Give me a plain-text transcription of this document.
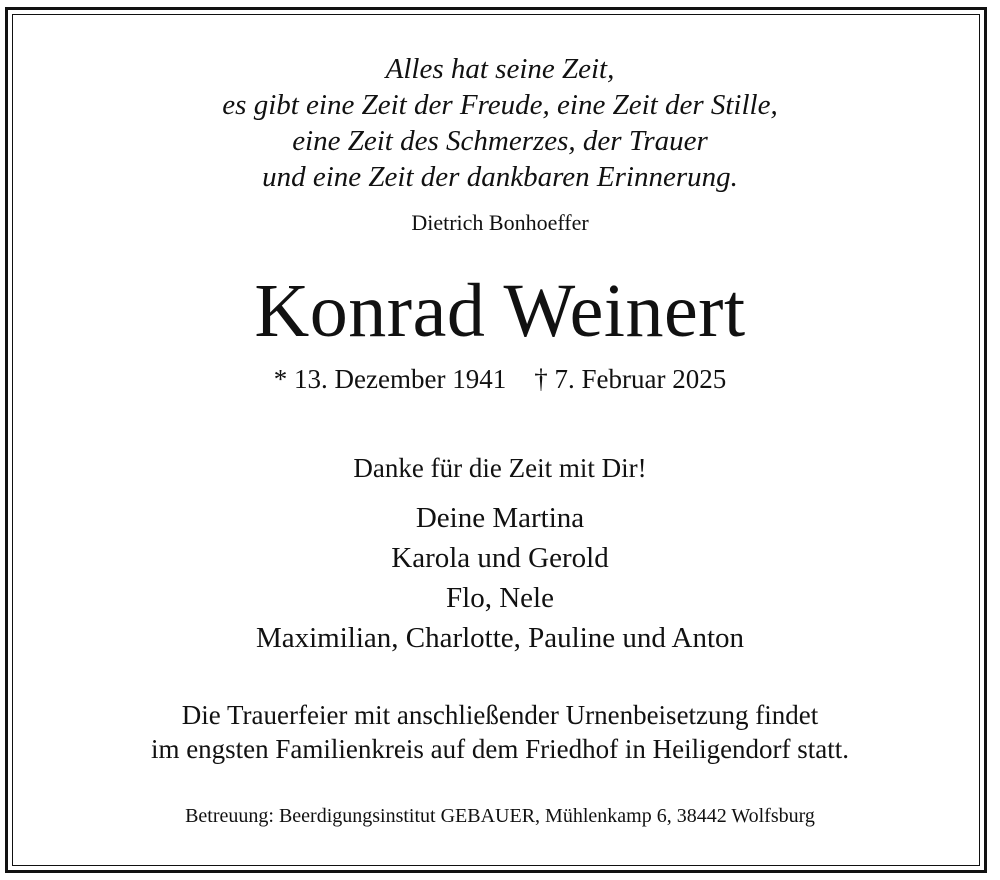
Alles hat seine Zeit,
es gibt eine Zeit der Freude, eine Zeit der Stille,
eine Zeit des Schmerzes, der Trauer
und eine Zeit der dankbaren Erinnerung.
Dietrich Bonhoeffer
Konrad Weinert
* 13. Dezember 1941 † 7. Februar 2025
Danke für die Zeit mit Dir!
Deine Martina
Karola und Gerold
Flo, Nele
Maximilian, Charlotte, Pauline und Anton
Die Trauerfeier mit anschließender Urnenbeisetzung findet
im engsten Familienkreis auf dem Friedhof in Heiligendorf statt.
Betreuung: Beerdigungsinstitut GEBAUER, Mühlenkamp 6, 38442 Wolfsburg
